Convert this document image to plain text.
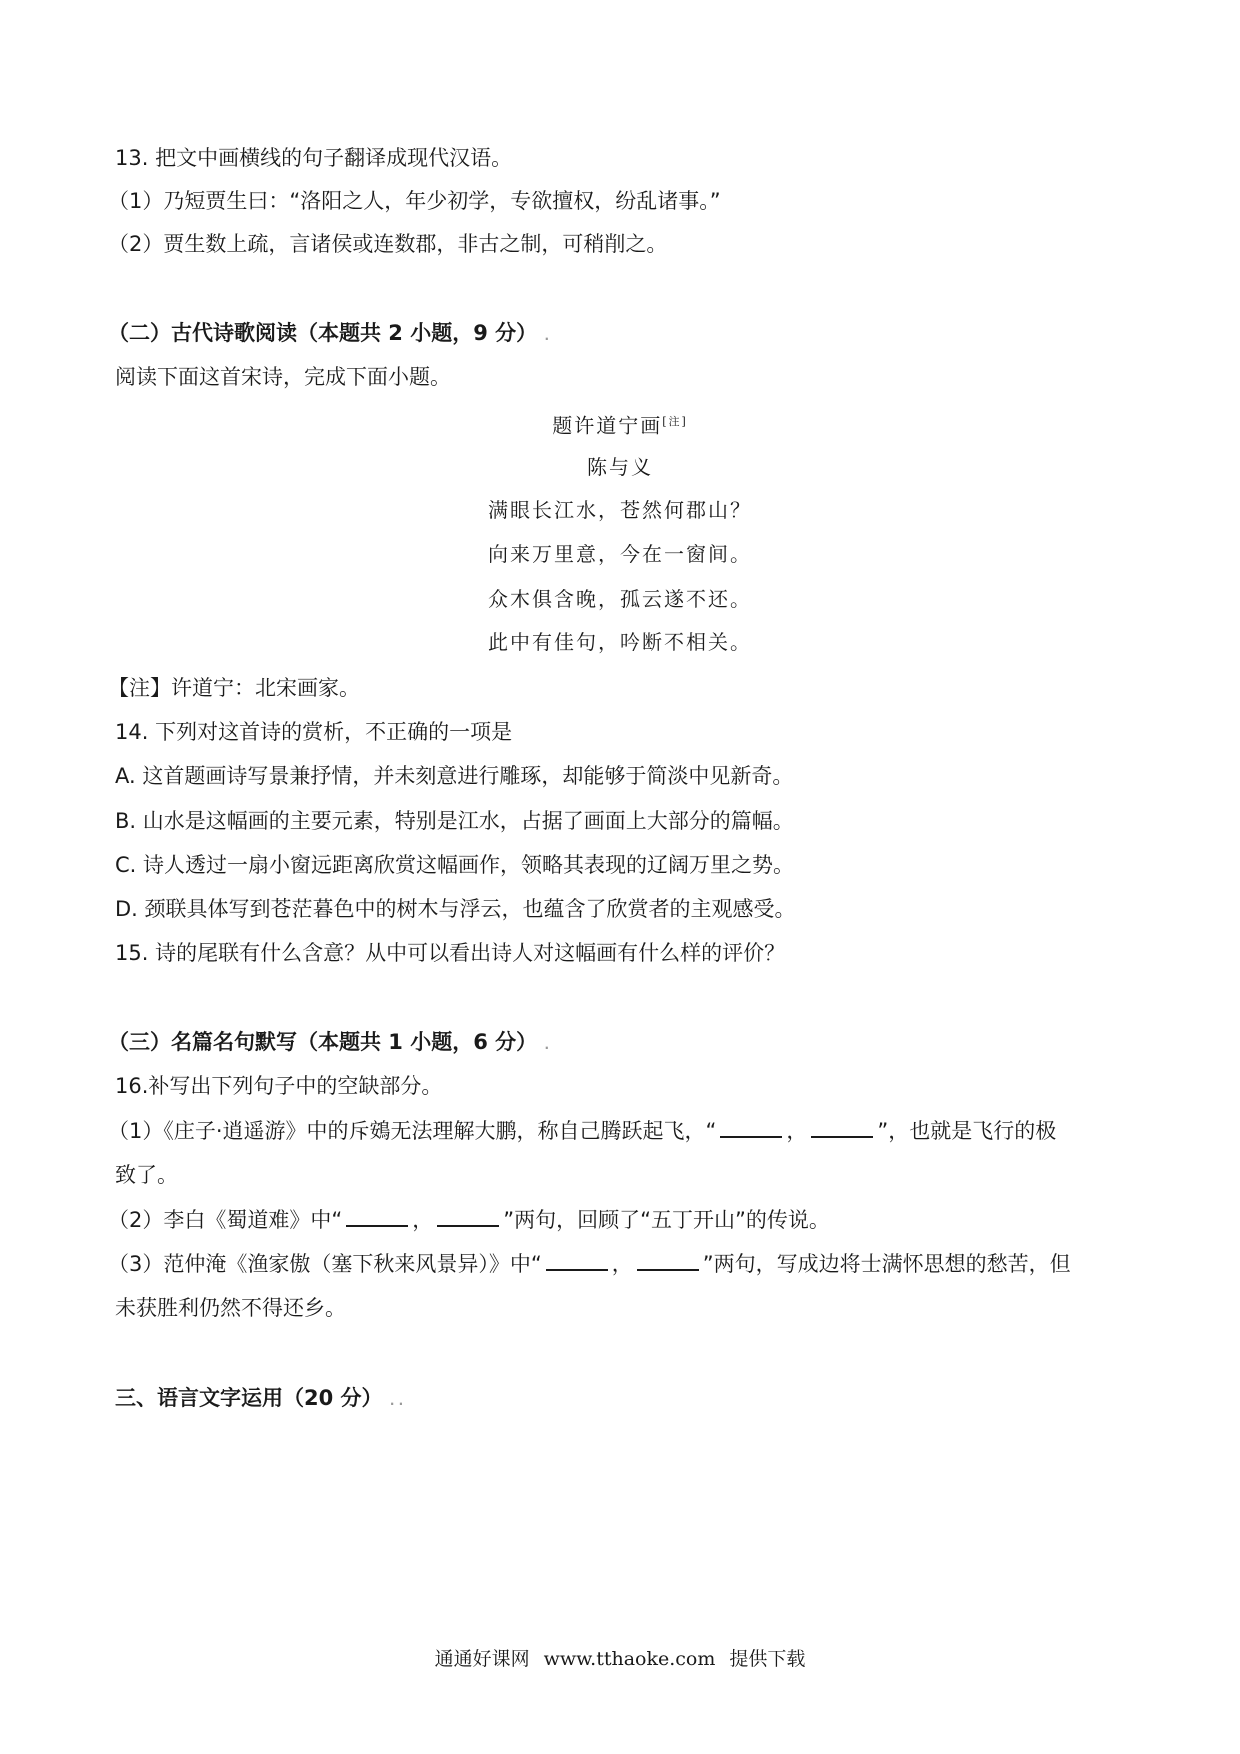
13. 把文中画横线的句子翻译成现代汉语。
（1）乃短贾生曰：“洛阳之人，年少初学，专欲擅权，纷乱诸事。”
（2）贾生数上疏，言诸侯或连数郡，非古之制，可稍削之。
（二）古代诗歌阅读（本题共 2 小题，9 分） .
阅读下面这首宋诗，完成下面小题。
题许道宁画[注]
陈与义
满眼长江水，苍然何郡山？
向来万里意，今在一窗间。
众木俱含晚，孤云遂不还。
此中有佳句，吟断不相关。
【注】许道宁：北宋画家。
14. 下列对这首诗的赏析，不正确的一项是
A. 这首题画诗写景兼抒情，并未刻意进行雕琢，却能够于简淡中见新奇。
B. 山水是这幅画的主要元素，特别是江水，占据了画面上大部分的篇幅。
C. 诗人透过一扇小窗远距离欣赏这幅画作，领略其表现的辽阔万里之势。
D. 颈联具体写到苍茫暮色中的树木与浮云，也蕴含了欣赏者的主观感受。
15. 诗的尾联有什么含意？从中可以看出诗人对这幅画有什么样的评价？
（三）名篇名句默写（本题共 1 小题，6 分） .
16.补写出下列句子中的空缺部分。
（1）《庄子·逍遥游》中的斥鴳无法理解大鹏，称自己腾跃起飞，“	，	”，也就是飞行的极
致了。
（2）李白《蜀道难》中“	，	”两句，回顾了“五丁开山”的传说。
（3）范仲淹《渔家傲（塞下秋来风景异）》中“	，	”两句，写成边将士满怀思想的愁苦，但
未获胜利仍然不得还乡。
三、语言文字运用（20 分） . .
通通好课网 www.tthaoke.com 提供下载
